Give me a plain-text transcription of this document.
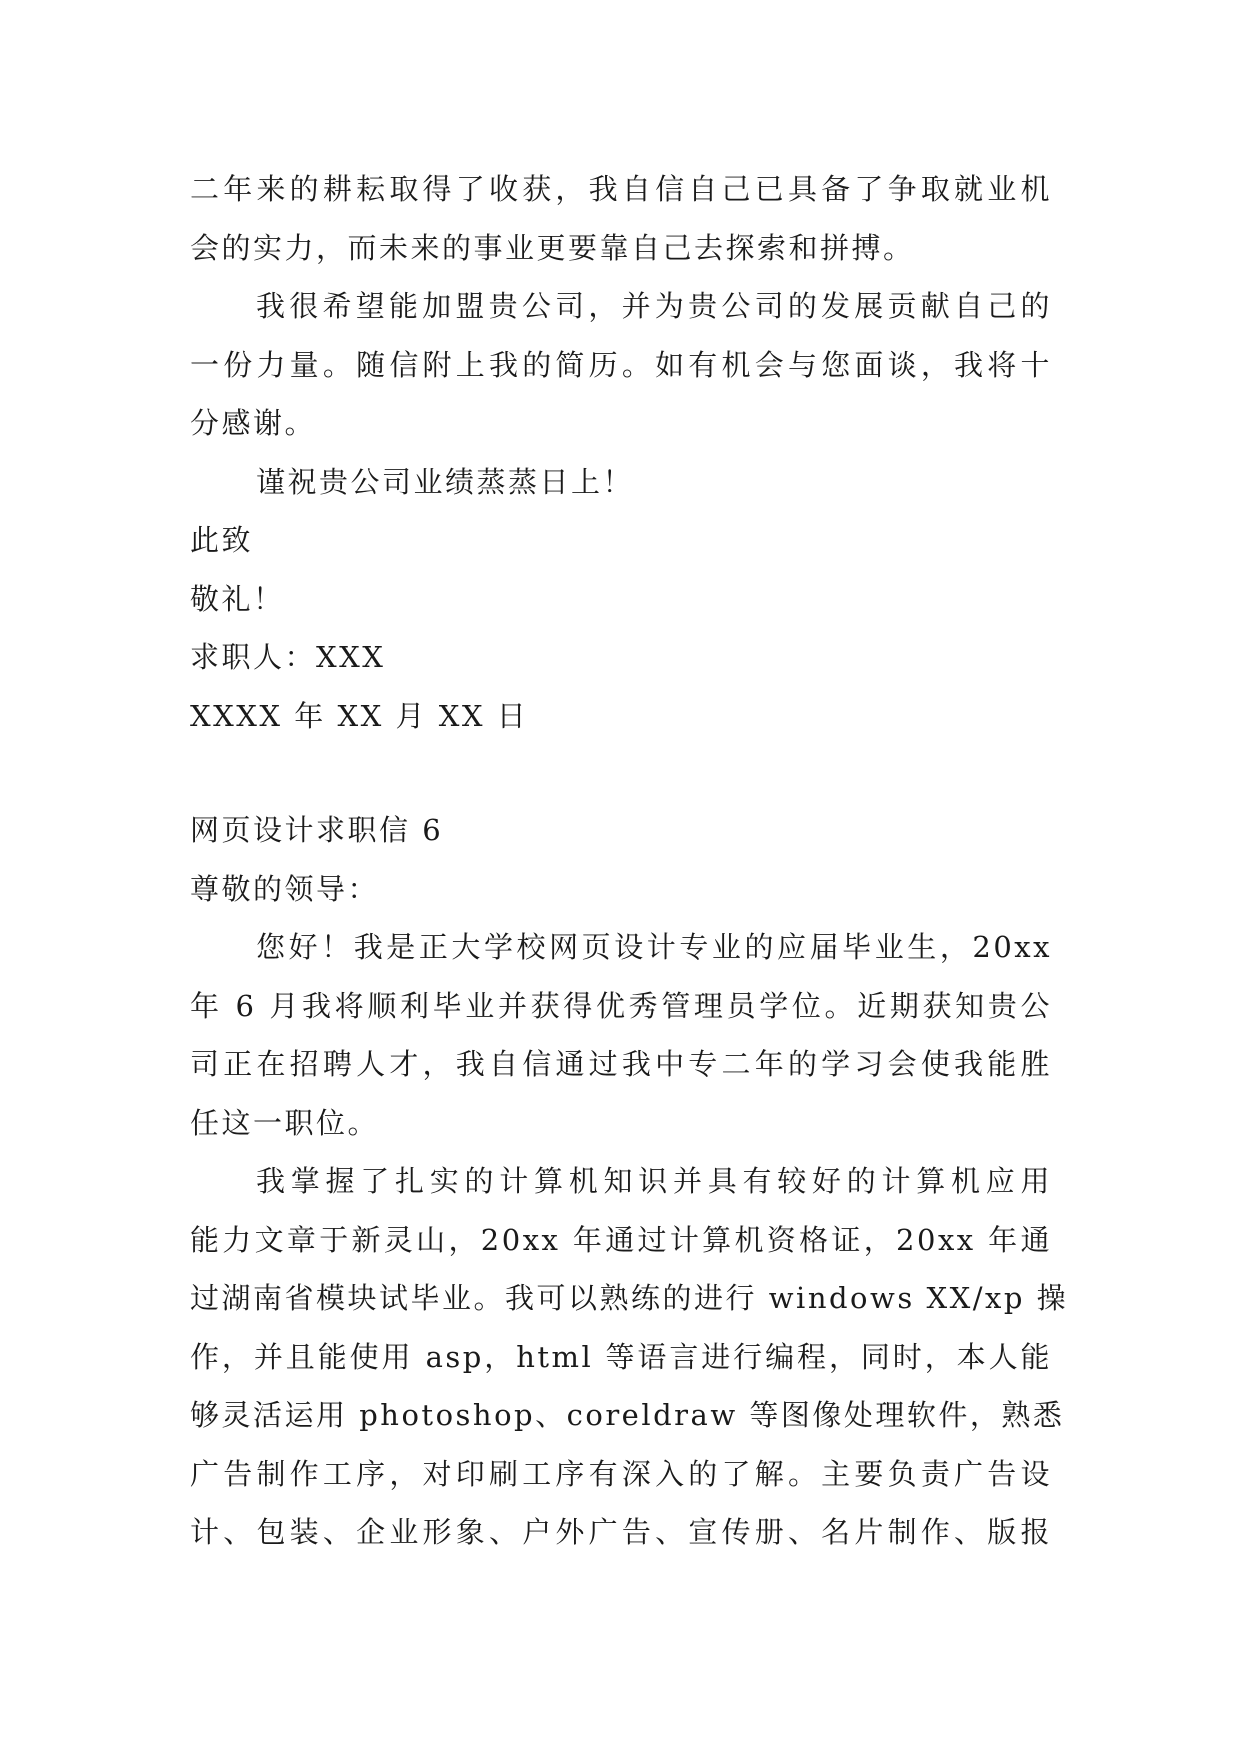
二年来的耕耘取得了收获，我自信自己已具备了争取就业机
会的实力，而未来的事业更要靠自己去探索和拼搏。

我很希望能加盟贵公司，并为贵公司的发展贡献自己的
一份力量。随信附上我的简历。如有机会与您面谈，我将十
分感谢。

谨祝贵公司业绩蒸蒸日上！

此致

敬礼！

求职人：XXX

XXXX 年 XX 月 XX 日

网页设计求职信 6

尊敬的领导：

您好！我是正大学校网页设计专业的应届毕业生，20xx
年 6 月我将顺利毕业并获得优秀管理员学位。近期获知贵公
司正在招聘人才，我自信通过我中专二年的学习会使我能胜
任这一职位。

我掌握了扎实的计算机知识并具有较好的计算机应用
能力文章于新灵山，20xx 年通过计算机资格证，20xx 年通
过湖南省模块试毕业。我可以熟练的进行 windows XX/xp 操
作，并且能使用 asp，html 等语言进行编程，同时，本人能
够灵活运用 photoshop、coreldraw 等图像处理软件，熟悉
广告制作工序，对印刷工序有深入的了解。主要负责广告设
计、包装、企业形象、户外广告、宣传册、名片制作、版报
